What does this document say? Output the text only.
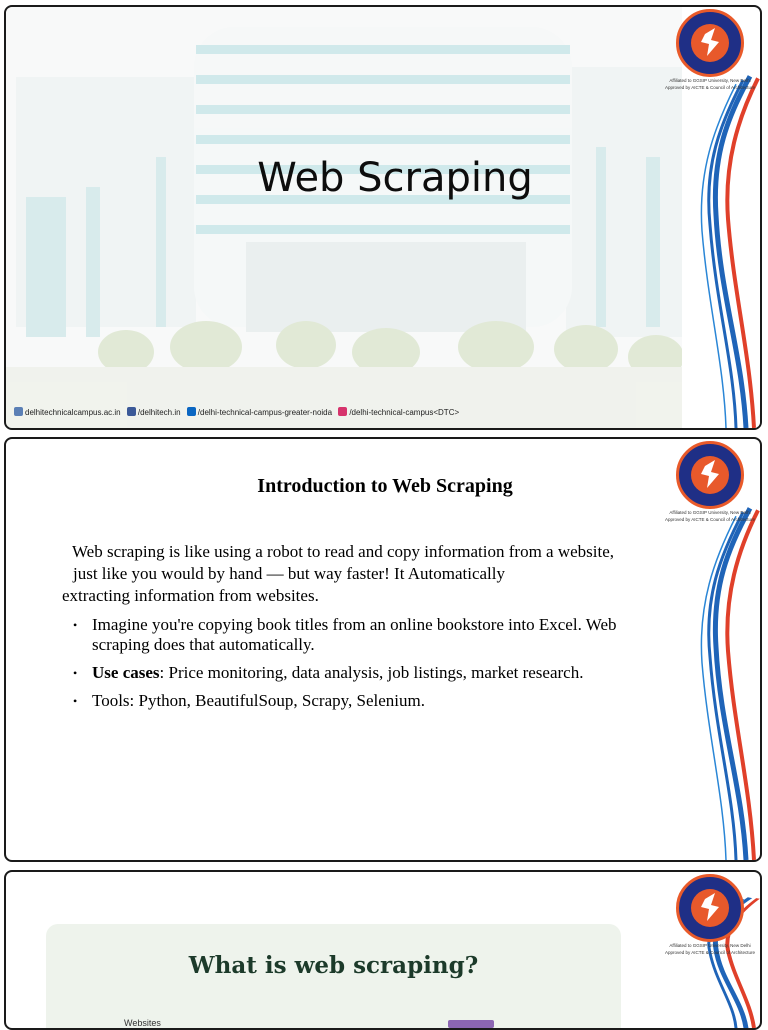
Web Scraping
delhitechnicalcampus.ac.in /delhitech.in /delhi-technical-campus-greater-noida /delhi-technical-campus<DTC>
Affiliated to GGSIP University, New Delhi
Approved by AICTE & Council of Architecture
Introduction to Web Scraping

Web scraping is like using a robot to read and copy information from a website,

just like you would by hand — but way faster! It Automatically

extracting information from websites.

• Imagine you're copying book titles from an online bookstore into Excel. Web scraping does that automatically.
• Use cases: Price monitoring, data analysis, job listings, market research.
• Tools: Python, BeautifulSoup, Scrapy, Selenium.
Affiliated to GGSIP University, New Delhi
Approved by AICTE & Council of Architecture
What is web scraping?
Websites
Affiliated to GGSIP University, New Delhi
Approved by AICTE & Council of Architecture
